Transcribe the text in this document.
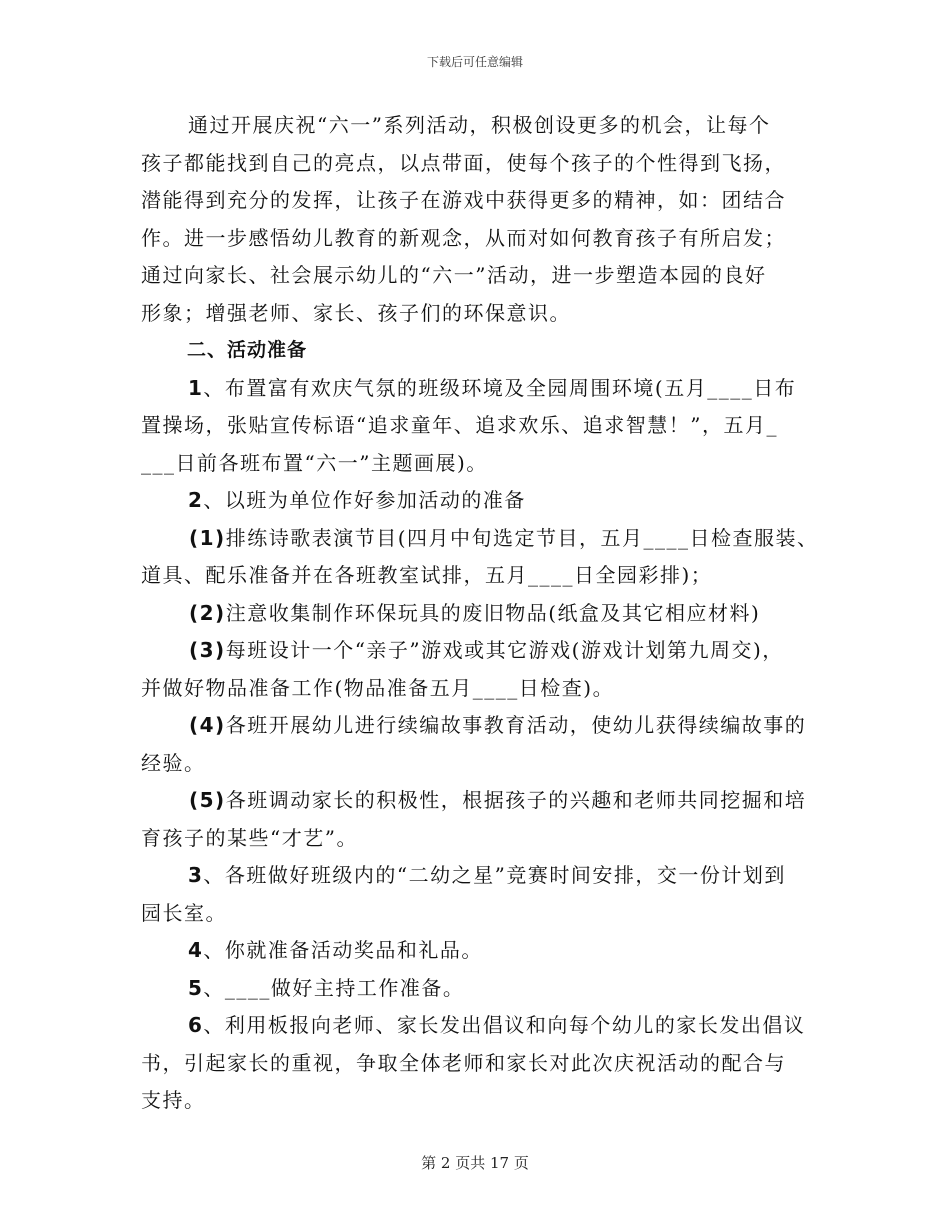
下载后可任意编辑
通过开展庆祝“六一”系列活动，积极创设更多的机会，让每个
孩子都能找到自己的亮点，以点带面，使每个孩子的个性得到飞扬，
潜能得到充分的发挥，让孩子在游戏中获得更多的精神，如：团结合
作。进一步感悟幼儿教育的新观念，从而对如何教育孩子有所启发；
通过向家长、社会展示幼儿的“六一”活动，进一步塑造本园的良好
形象；增强老师、家长、孩子们的环保意识。
二、活动准备
1、布置富有欢庆气氛的班级环境及全园周围环境(五月____日布
置操场，张贴宣传标语“追求童年、追求欢乐、追求智慧！”，五月_
___日前各班布置“六一”主题画展)。
2、以班为单位作好参加活动的准备
(1)排练诗歌表演节目(四月中旬选定节目，五月____日检查服装、
道具、配乐准备并在各班教室试排，五月____日全园彩排)；
(2)注意收集制作环保玩具的废旧物品(纸盒及其它相应材料)
(3)每班设计一个“亲子”游戏或其它游戏(游戏计划第九周交)，
并做好物品准备工作(物品准备五月____日检查)。
(4)各班开展幼儿进行续编故事教育活动，使幼儿获得续编故事的
经验。
(5)各班调动家长的积极性，根据孩子的兴趣和老师共同挖掘和培
育孩子的某些“才艺”。
3、各班做好班级内的“二幼之星”竞赛时间安排，交一份计划到
园长室。
4、你就准备活动奖品和礼品。
5、____做好主持工作准备。
6、利用板报向老师、家长发出倡议和向每个幼儿的家长发出倡议
书，引起家长的重视，争取全体老师和家长对此次庆祝活动的配合与
支持。
第 2 页共 17 页
